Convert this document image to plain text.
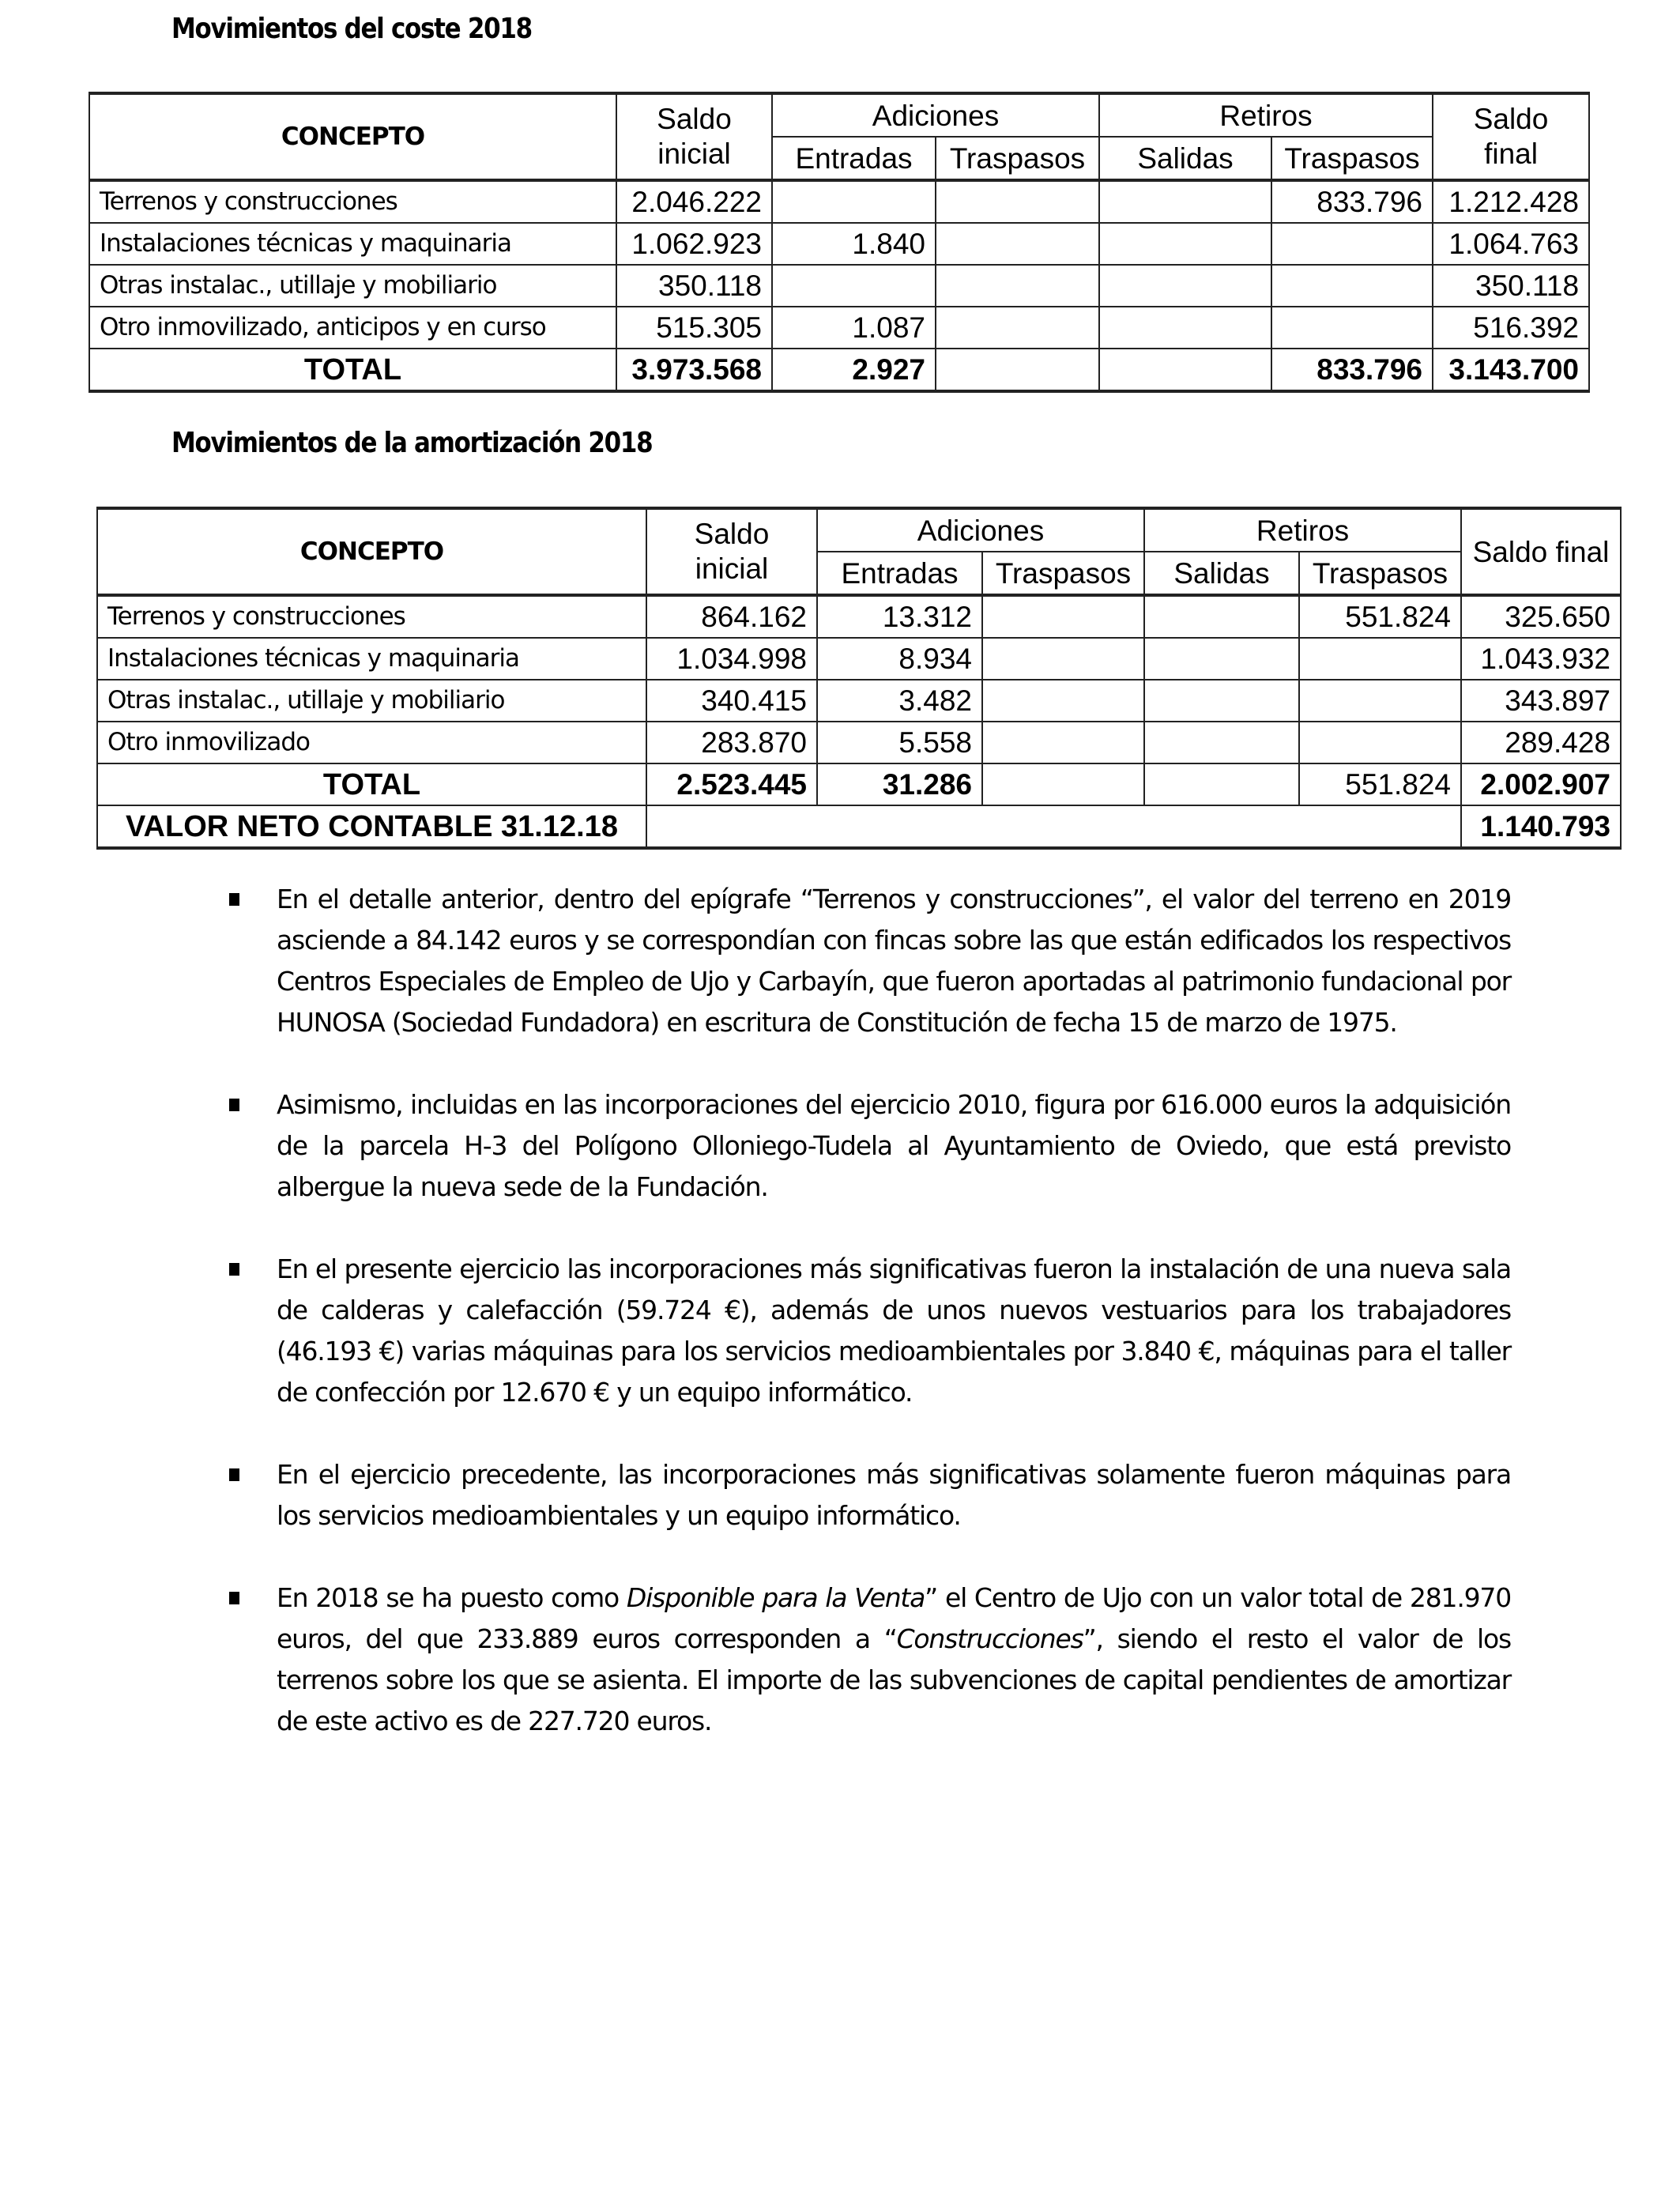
Movimientos del coste 2018
CONCEPTO	Saldo inicial	Adiciones		Retiros		Saldo final
		Entradas	Traspasos	Salidas	Traspasos	
Terrenos y construcciones	2.046.222				833.796	1.212.428
Instalaciones técnicas y maquinaria	1.062.923	1.840				1.064.763
Otras instalac., utillaje y mobiliario	350.118					350.118
Otro inmovilizado, anticipos y en curso	515.305	1.087				516.392
TOTAL	3.973.568	2.927			833.796	3.143.700
Movimientos de la amortización 2018
CONCEPTO	Saldo inicial	Adiciones		Retiros		Saldo final
		Entradas	Traspasos	Salidas	Traspasos	
Terrenos y construcciones	864.162	13.312			551.824	325.650
Instalaciones técnicas y maquinaria	1.034.998	8.934				1.043.932
Otras instalac., utillaje y mobiliario	340.415	3.482				343.897
Otro inmovilizado	283.870	5.558				289.428
TOTAL	2.523.445	31.286			551.824	2.002.907
VALOR NETO CONTABLE 31.12.18						1.140.793
En el detalle anterior, dentro del epígrafe “Terrenos y construcciones”, el valor del terreno en 2019 asciende a 84.142 euros y se correspondían con fincas sobre las que están edificados los respectivos Centros Especiales de Empleo de Ujo y Carbayín, que fueron aportadas al patrimonio fundacional por HUNOSA (Sociedad Fundadora) en escritura de Constitución de fecha 15 de marzo de 1975.
Asimismo, incluidas en las incorporaciones del ejercicio 2010, figura por 616.000 euros la adquisición de la parcela H-3 del Polígono Olloniego-Tudela al Ayuntamiento de Oviedo, que está previsto albergue la nueva sede de la Fundación.
En el presente ejercicio las incorporaciones más significativas fueron la instalación de una nueva sala de calderas y calefacción (59.724 €), además de unos nuevos vestuarios para los trabajadores (46.193 €) varias máquinas para los servicios medioambientales por 3.840 €, máquinas para el taller de confección por 12.670 € y un equipo informático.
En el ejercicio precedente, las incorporaciones más significativas solamente fueron máquinas para los servicios medioambientales y un equipo informático.
En 2018 se ha puesto como Disponible para la Venta” el Centro de Ujo con un valor total de 281.970 euros, del que 233.889 euros corresponden a “Construcciones”, siendo el resto el valor de los terrenos sobre los que se asienta. El importe de las subvenciones de capital pendientes de amortizar de este activo es de 227.720 euros.
